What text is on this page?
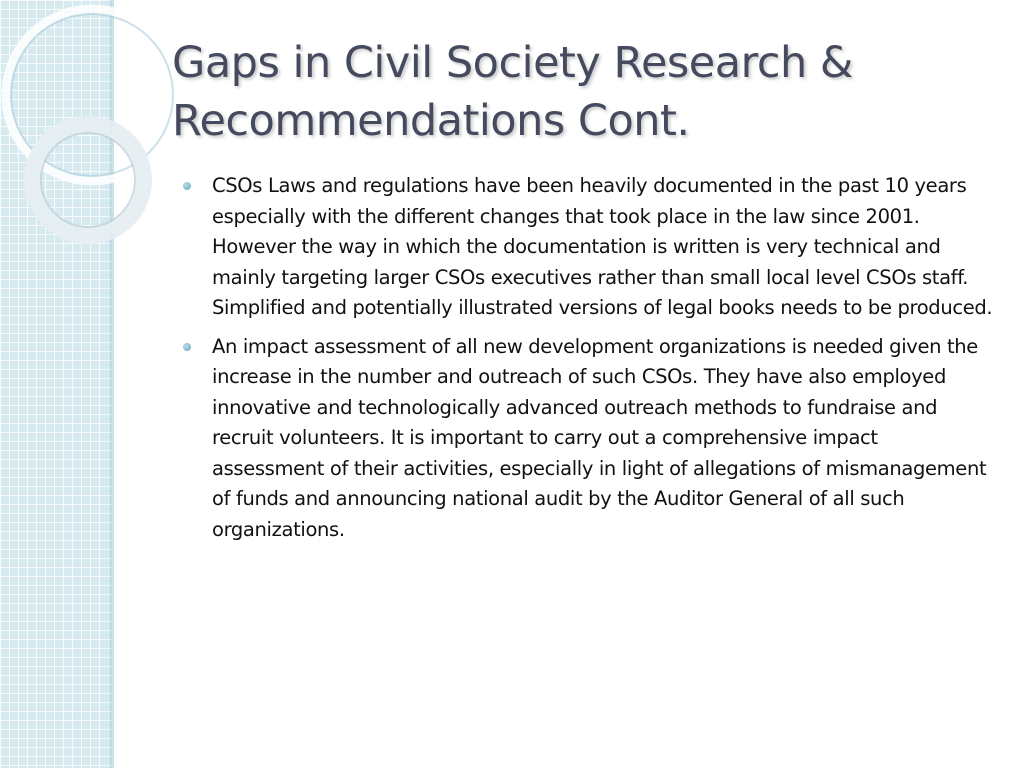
Gaps in Civil Society Research & Recommendations Cont.
CSOs Laws and regulations have been heavily documented in the past 10 years especially with the different changes that took place in the law since 2001. However the way in which the documentation is written is very technical and mainly targeting larger CSOs executives rather than small local level CSOs staff. Simplified and potentially illustrated versions of legal books needs to be produced.
An impact assessment of all new development organizations is needed given the increase in the number and outreach of such CSOs. They have also employed innovative and technologically advanced outreach methods to fundraise and recruit volunteers. It is important to carry out a comprehensive impact assessment of their activities, especially in light of allegations of mismanagement of funds and announcing national audit by the Auditor General of all such organizations.
